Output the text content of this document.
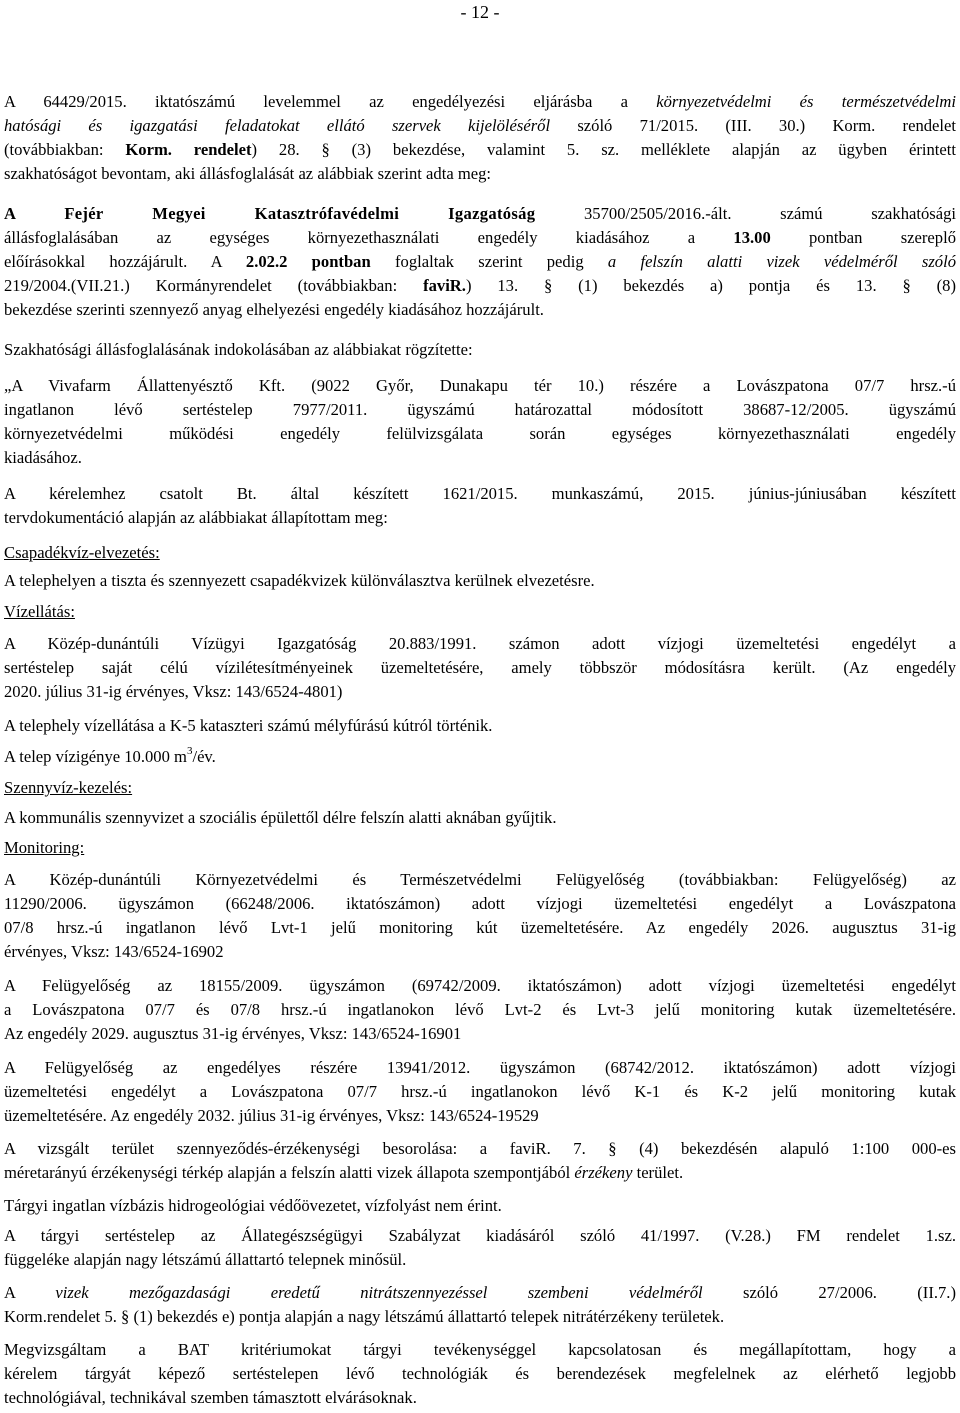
- 12 -
A 64429/2015. iktatószámú levelemmel az engedélyezési eljárásba a környezetvédelmi és természetvédelmi
hatósági és igazgatási feladatokat ellátó szervek kijelöléséről szóló 71/2015. (III. 30.) Korm. rendelet
(továbbiakban: Korm. rendelet) 28. § (3) bekezdése, valamint 5. sz. melléklete alapján az ügyben érintett
szakhatóságot bevontam, aki állásfoglalását az alábbiak szerint adta meg:
A Fejér Megyei Katasztrófavédelmi Igazgatóság 35700/2505/2016.-ált. számú szakhatósági
állásfoglalásában az egységes környezethasználati engedély kiadásához a 13.00 pontban szereplő
előírásokkal hozzájárult. A 2.02.2 pontban foglaltak szerint pedig a felszín alatti vizek védelméről szóló
219/2004.(VII.21.) Kormányrendelet (továbbiakban: faviR.) 13. § (1) bekezdés a) pontja és 13. § (8)
bekezdése szerinti szennyező anyag elhelyezési engedély kiadásához hozzájárult.
Szakhatósági állásfoglalásának indokolásában az alábbiakat rögzítette:
„A Vivafarm Állattenyésztő Kft. (9022 Győr, Dunakapu tér 10.) részére a Lovászpatona 07/7 hrsz.-ú
ingatlanon lévő sertéstelep 7977/2011. ügyszámú határozattal módosított 38687-12/2005. ügyszámú
környezetvédelmi működési engedély felülvizsgálata során egységes környezethasználati engedély
kiadásához.
A kérelemhez csatolt Bt. által készített 1621/2015. munkaszámú, 2015. június-júniusában készített
tervdokumentáció alapján az alábbiakat állapítottam meg:
Csapadékvíz-elvezetés:
A telephelyen a tiszta és szennyezett csapadékvizek különválasztva kerülnek elvezetésre.
Vízellátás:
A Közép-dunántúli Vízügyi Igazgatóság 20.883/1991. számon adott vízjogi üzemeltetési engedélyt a
sertéstelep saját célú vízilétesítményeinek üzemeltetésére, amely többször módosításra került. (Az engedély
2020. július 31-ig érvényes, Vksz: 143/6524-4801)
A telephely vízellátása a K-5 kataszteri számú mélyfúrású kútról történik.
A telep vízigénye 10.000 $m^3/év$.
Szennyvíz-kezelés:
A kommunális szennyvizet a szociális épülettől délre felszín alatti aknában gyűjtik.
Monitoring:
A Közép-dunántúli Környezetvédelmi és Természetvédelmi Felügyelőség (továbbiakban: Felügyelőség) az
11290/2006. ügyszámon (66248/2006. iktatószámon) adott vízjogi üzemeltetési engedélyt a Lovászpatona
07/8 hrsz.-ú ingatlanon lévő Lvt-1 jelű monitoring kút üzemeltetésére. Az engedély 2026. augusztus 31-ig
érvényes, Vksz: 143/6524-16902
A Felügyelőség az 18155/2009. ügyszámon (69742/2009. iktatószámon) adott vízjogi üzemeltetési engedélyt
a Lovászpatona 07/7 és 07/8 hrsz.-ú ingatlanokon lévő Lvt-2 és Lvt-3 jelű monitoring kutak üzemeltetésére.
Az engedély 2029. augusztus 31-ig érvényes, Vksz: 143/6524-16901
A Felügyelőség az engedélyes részére 13941/2012. ügyszámon (68742/2012. iktatószámon) adott vízjogi
üzemeltetési engedélyt a Lovászpatona 07/7 hrsz.-ú ingatlanokon lévő K-1 és K-2 jelű monitoring kutak
üzemeltetésére. Az engedély 2032. július 31-ig érvényes, Vksz: 143/6524-19529
A vizsgált terület szennyeződés-érzékenységi besorolása: a faviR. 7. § (4) bekezdésén alapuló 1:100 000-es
méretarányú érzékenységi térkép alapján a felszín alatti vizek állapota szempontjából érzékeny terület.
Tárgyi ingatlan vízbázis hidrogeológiai védőövezetet, vízfolyást nem érint.
A tárgyi sertéstelep az Állategészségügyi Szabályzat kiadásáról szóló 41/1997. (V.28.) FM rendelet 1.sz.
függeléke alapján nagy létszámú állattartó telepnek minősül.
A vizek mezőgazdasági eredetű nitrátszennyezéssel szembeni védelméről szóló 27/2006. (II.7.)
Korm.rendelet 5. § (1) bekezdés e) pontja alapján a nagy létszámú állattartó telepek nitrátérzékeny területek.
Megvizsgáltam a BAT kritériumokat tárgyi tevékenységgel kapcsolatosan és megállapítottam, hogy a
kérelem tárgyát képező sertéstelepen lévő technológiák és berendezések megfelelnek az elérhető legjobb
technológiával, technikával szemben támasztott elvárásoknak.
